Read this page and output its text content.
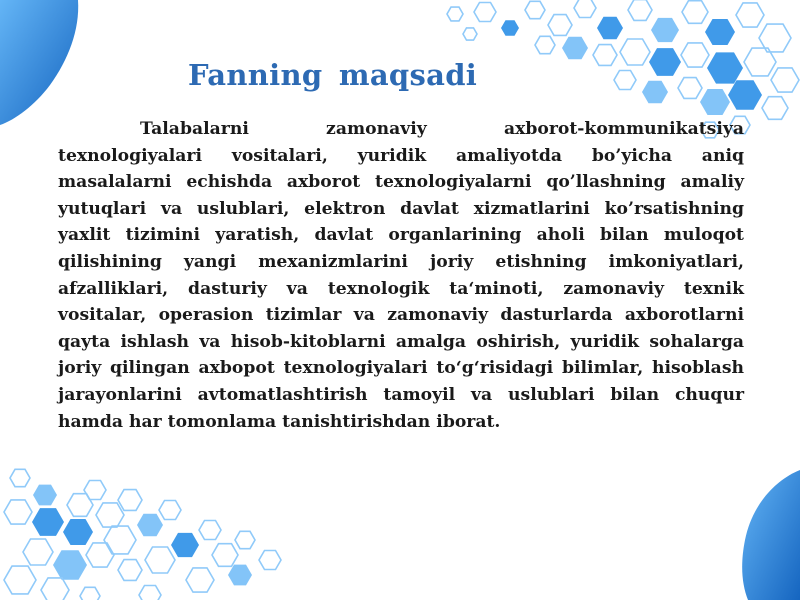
Fanning maqsadi

Talabalarni zamonaviy axborot-kommunikatsiya texnologiyalari vositalari, yuridik amaliyotda bo’yicha aniq masalalarni echishda axborot texnologiyalarni qo’llashning amaliy yutuqlari va uslublari, elektron davlat xizmatlarini ko’rsatishning yaxlit tizimini yaratish, davlat organlarining aholi bilan muloqot qilishining yangi mexanizmlarini joriy etishning imkoniyatlari, afzalliklari, dasturiy va texnologik ta‘minoti, zamonaviy texnik vositalar, operasion tizimlar va zamonaviy dasturlarda axborotlarni qayta ishlash va hisob-kitoblarni amalga oshirish, yuridik sohalarga joriy qilingan axbopot texnologiyalari to‘g‘risidagi bilimlar, hisoblash jarayonlarini avtomatlashtirish tamoyil va uslublari bilan chuqur hamda har tomonlama tanishtirishdan iborat.
